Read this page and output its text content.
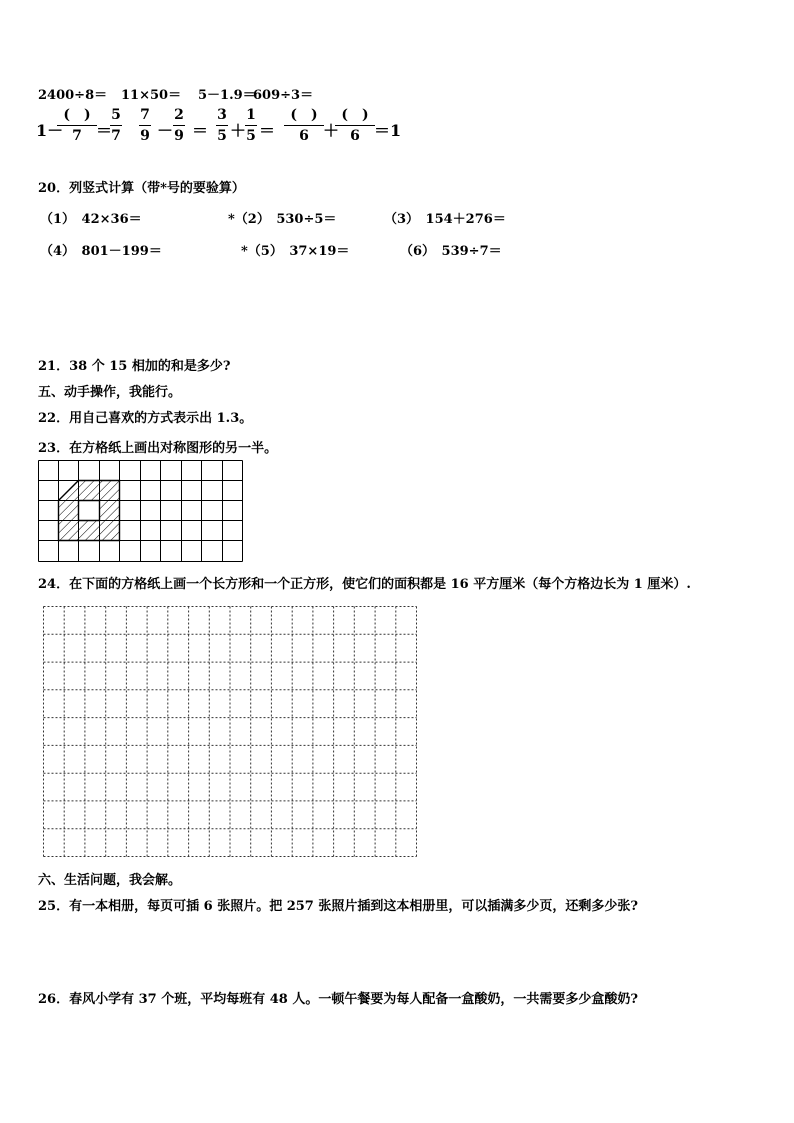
2400÷8＝ 11×50＝ 5－1.9＝
609÷3＝
1－
(　)
7 ＝
5
7
7
9 －
2
9 ＝
3
5 ＋
1
5 ＝
(　)
6 ＋
(　)
6 ＝1
20．列竖式计算（带*号的要验算）
（1）　42×36＝	*（2）　530÷5＝	（3）　154＋276＝
（4）　801－199＝	*（5）　37×19＝	（6）　539÷7＝
21．38 个 15 相加的和是多少?
五、动手操作，我能行。
22．用自己喜欢的方式表示出 1.3。
23．在方格纸上画出对称图形的另一半。
24．在下面的方格纸上画一个长方形和一个正方形，使它们的面积都是 16 平方厘米（每个方格边长为 1 厘米）.
六、生活问题，我会解。
25．有一本相册，每页可插 6 张照片。把 257 张照片插到这本相册里，可以插满多少页，还剩多少张?
26．春风小学有 37 个班，平均每班有 48 人。一顿午餐要为每人配备一盒酸奶，一共需要多少盒酸奶?
